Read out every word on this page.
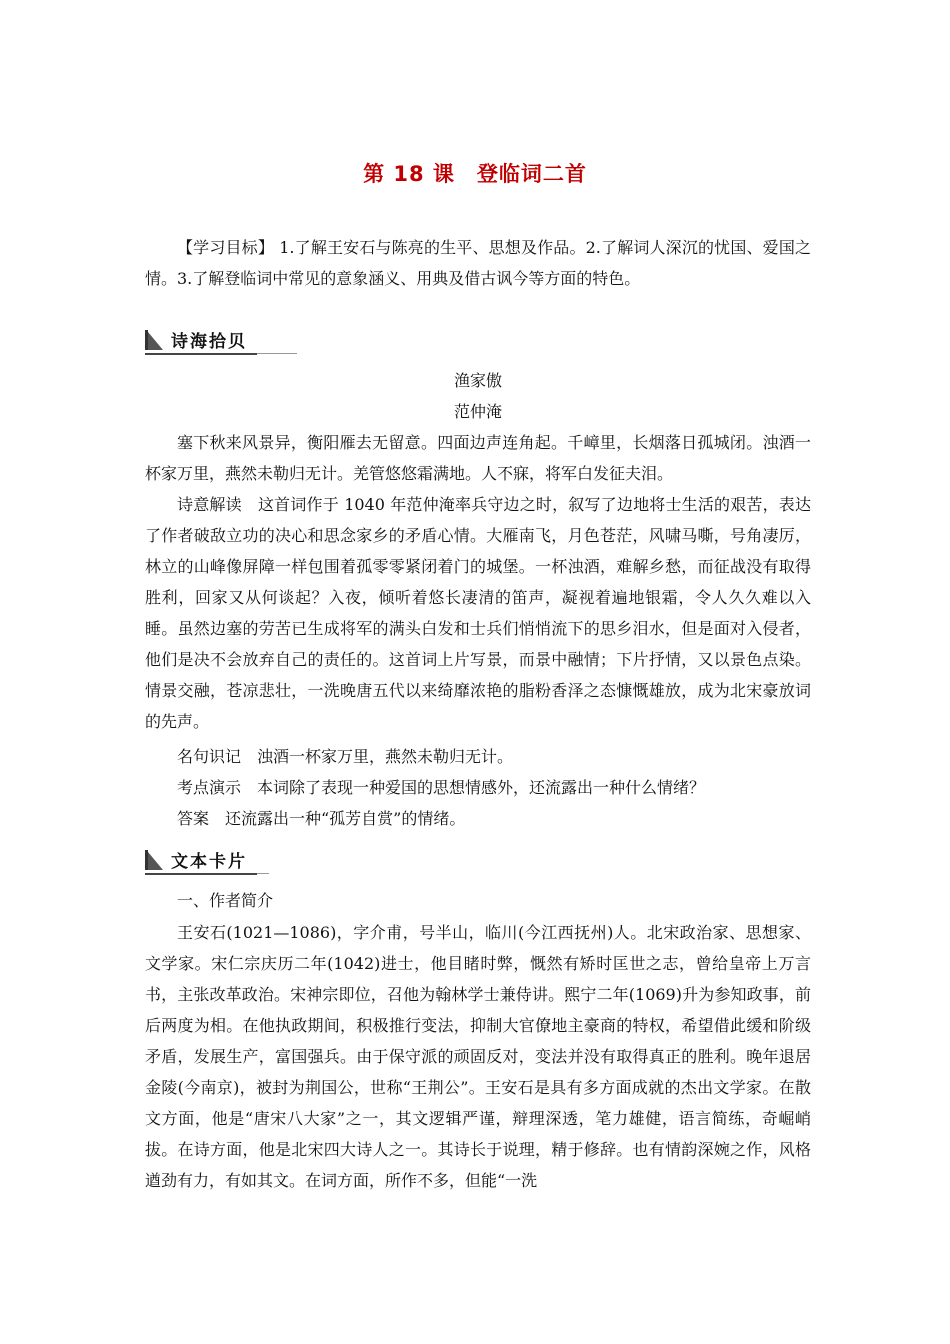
第 18 课　登临词二首

【学习目标】 1.了解王安石与陈亮的生平、思想及作品。2.了解词人深沉的忧国、爱国之情。3.了解登临词中常见的意象涵义、用典及借古讽今等方面的特色。

诗海拾贝

渔家傲

范仲淹

塞下秋来风景异，衡阳雁去无留意。四面边声连角起。千嶂里，长烟落日孤城闭。浊酒一杯家万里，燕然未勒归无计。羌管悠悠霜满地。人不寐，将军白发征夫泪。

诗意解读　这首词作于 1040 年范仲淹率兵守边之时，叙写了边地将士生活的艰苦，表达了作者破敌立功的决心和思念家乡的矛盾心情。大雁南飞，月色苍茫，风啸马嘶，号角凄厉，林立的山峰像屏障一样包围着孤零零紧闭着门的城堡。一杯浊酒，难解乡愁，而征战没有取得胜利，回家又从何谈起？入夜，倾听着悠长凄清的笛声，凝视着遍地银霜，令人久久难以入睡。虽然边塞的劳苦已生成将军的满头白发和士兵们悄悄流下的思乡泪水，但是面对入侵者，他们是决不会放弃自己的责任的。这首词上片写景，而景中融情；下片抒情，又以景色点染。情景交融，苍凉悲壮，一洗晚唐五代以来绮靡浓艳的脂粉香泽之态慷慨雄放，成为北宋豪放词的先声。

名句识记　浊酒一杯家万里，燕然未勒归无计。

考点演示　本词除了表现一种爱国的思想情感外，还流露出一种什么情绪？

答案　还流露出一种“孤芳自赏”的情绪。

文本卡片

一、作者简介

王安石(1021—1086)，字介甫，号半山，临川(今江西抚州)人。北宋政治家、思想家、文学家。宋仁宗庆历二年(1042)进士，他目睹时弊，慨然有矫时匡世之志，曾给皇帝上万言书，主张改革政治。宋神宗即位，召他为翰林学士兼侍讲。熙宁二年(1069)升为参知政事，前后两度为相。在他执政期间，积极推行变法，抑制大官僚地主豪商的特权，希望借此缓和阶级矛盾，发展生产，富国强兵。由于保守派的顽固反对，变法并没有取得真正的胜利。晚年退居金陵(今南京)，被封为荆国公，世称“王荆公”。王安石是具有多方面成就的杰出文学家。在散文方面，他是“唐宋八大家”之一，其文逻辑严谨，辩理深透，笔力雄健，语言简练，奇崛峭拔。在诗方面，他是北宋四大诗人之一。其诗长于说理，精于修辞。也有情韵深婉之作，风格遒劲有力，有如其文。在词方面，所作不多，但能“一洗
